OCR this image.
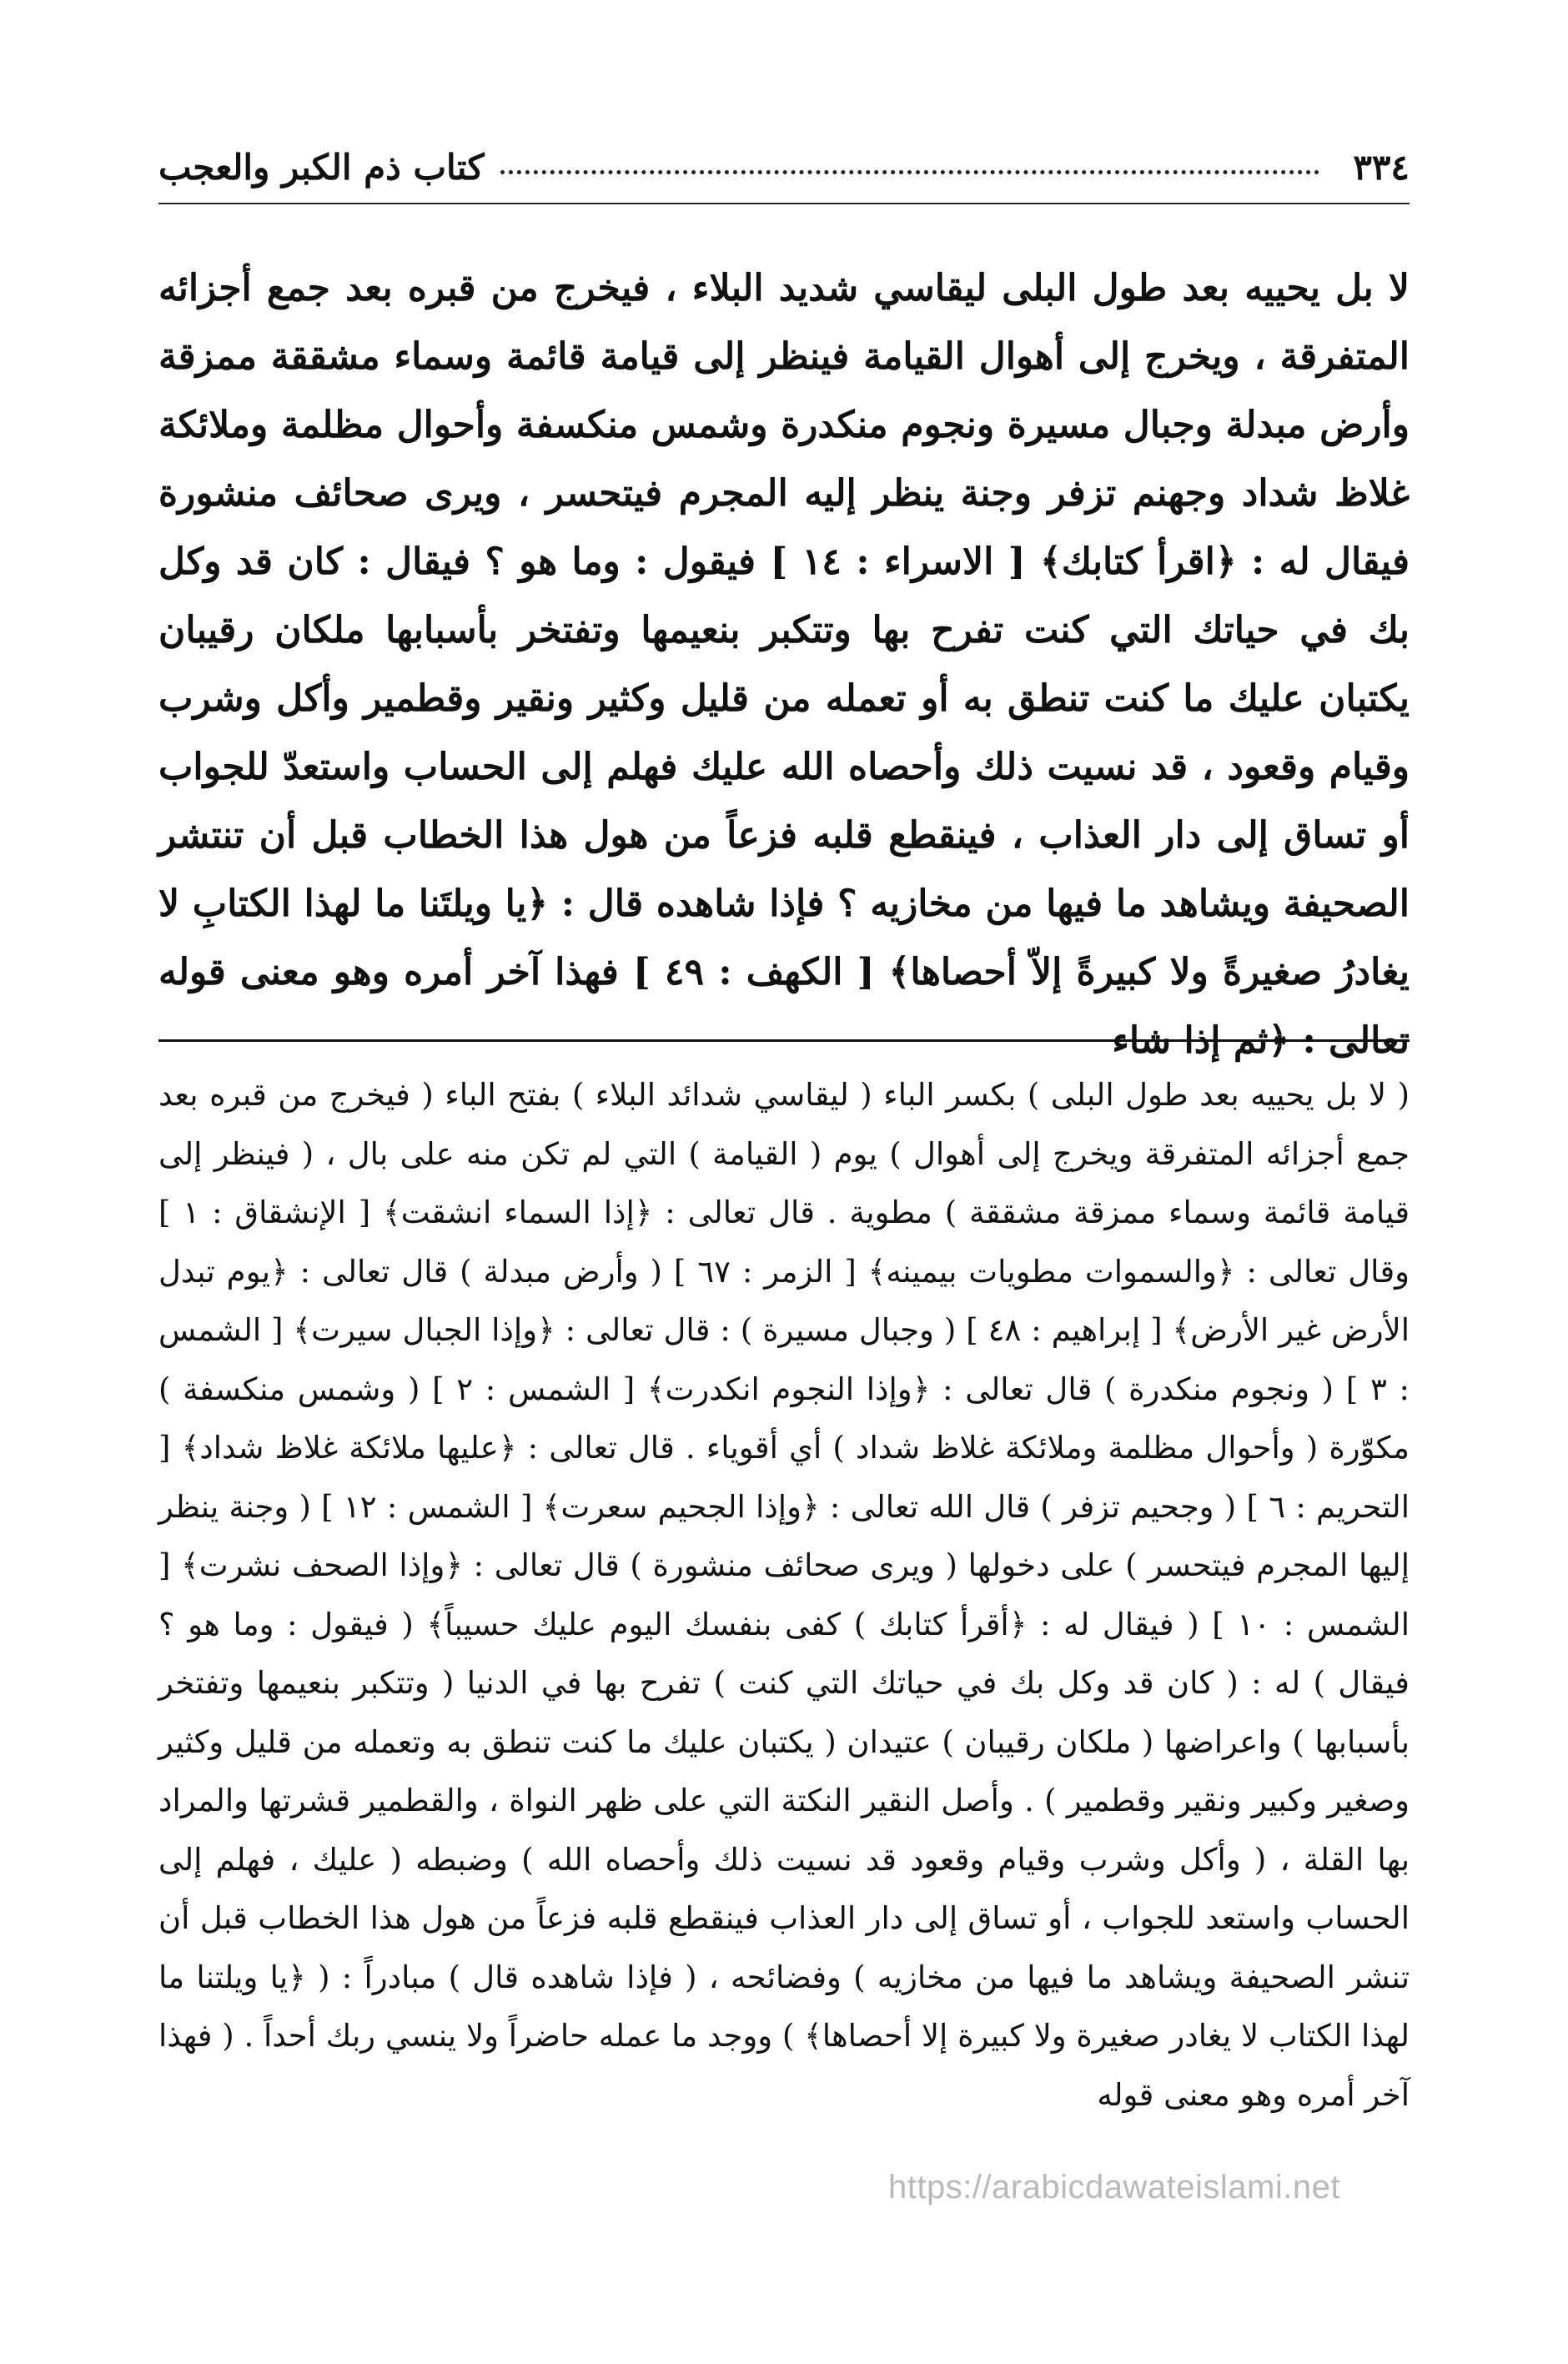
٣٣٤
كتاب ذم الكبر والعجب

لا بل يحييه بعد طول البلى ليقاسي شديد البلاء ، فيخرج من قبره بعد جمع أجزائه المتفرقة ، ويخرج إلى أهوال القيامة فينظر إلى قيامة قائمة وسماء مشققة ممزقة وأرض مبدلة وجبال مسيرة ونجوم منكدرة وشمس منكسفة وأحوال مظلمة وملائكة غلاظ شداد وجهنم تزفر وجنة ينظر إليه المجرم فيتحسر ، ويرى صحائف منشورة فيقال له : ﴿اقرأ كتابك﴾ [ الاسراء : ١٤ ] فيقول : وما هو ؟ فيقال : كان قد وكل بك في حياتك التي كنت تفرح بها وتتكبر بنعيمها وتفتخر بأسبابها ملكان رقيبان يكتبان عليك ما كنت تنطق به أو تعمله من قليل وكثير ونقير وقطمير وأكل وشرب وقيام وقعود ، قد نسيت ذلك وأحصاه الله عليك فهلم إلى الحساب واستعدّ للجواب أو تساق إلى دار العذاب ، فينقطع قلبه فزعاً من هول هذا الخطاب قبل أن تنتشر الصحيفة ويشاهد ما فيها من مخازيه ؟ فإذا شاهده قال : ﴿يا ويلتَنا ما لهذا الكتابِ لا يغادرُ صغيرةً ولا كبيرةً إلاّ أحصاها﴾ [ الكهف : ٤٩ ] فهذا آخر أمره وهو معنى قوله تعالى : ﴿ثم إذا شاء

( لا بل يحييه بعد طول البلى ) بكسر الباء ( ليقاسي شدائد البلاء ) بفتح الباء ( فيخرج من قبره بعد جمع أجزائه المتفرقة ويخرج إلى أهوال ) يوم ( القيامة ) التي لم تكن منه على بال ، ( فينظر إلى قيامة قائمة وسماء ممزقة مشققة ) مطوية . قال تعالى : ﴿إذا السماء انشقت﴾ [ الإنشقاق : ١ ] وقال تعالى : ﴿والسموات مطويات بيمينه﴾ [ الزمر : ٦٧ ] ( وأرض مبدلة ) قال تعالى : ﴿يوم تبدل الأرض غير الأرض﴾ [ إبراهيم : ٤٨ ] ( وجبال مسيرة ) : قال تعالى : ﴿وإذا الجبال سيرت﴾ [ الشمس : ٣ ] ( ونجوم منكدرة ) قال تعالى : ﴿وإذا النجوم انكدرت﴾ [ الشمس : ٢ ] ( وشمس منكسفة ) مكوّرة ( وأحوال مظلمة وملائكة غلاظ شداد ) أي أقوياء . قال تعالى : ﴿عليها ملائكة غلاظ شداد﴾ [ التحريم : ٦ ] ( وجحيم تزفر ) قال الله تعالى : ﴿وإذا الجحيم سعرت﴾ [ الشمس : ١٢ ] ( وجنة ينظر إليها المجرم فيتحسر ) على دخولها ( ويرى صحائف منشورة ) قال تعالى : ﴿وإذا الصحف نشرت﴾ [ الشمس : ١٠ ] ( فيقال له : ﴿أقرأ كتابك ) كفى بنفسك اليوم عليك حسيباً﴾ ( فيقول : وما هو ؟ فيقال ) له : ( كان قد وكل بك في حياتك التي كنت ) تفرح بها في الدنيا ( وتتكبر بنعيمها وتفتخر بأسبابها ) واعراضها ( ملكان رقيبان ) عتيدان ( يكتبان عليك ما كنت تنطق به وتعمله من قليل وكثير وصغير وكبير ونقير وقطمير ) . وأصل النقير النكتة التي على ظهر النواة ، والقطمير قشرتها والمراد بها القلة ، ( وأكل وشرب وقيام وقعود قد نسيت ذلك وأحصاه الله ) وضبطه ( عليك ، فهلم إلى الحساب واستعد للجواب ، أو تساق إلى دار العذاب فينقطع قلبه فزعاً من هول هذا الخطاب قبل أن تنشر الصحيفة ويشاهد ما فيها من مخازيه ) وفضائحه ، ( فإذا شاهده قال ) مبادراً : ( ﴿يا ويلتنا ما لهذا الكتاب لا يغادر صغيرة ولا كبيرة إلا أحصاها﴾ ) ووجد ما عمله حاضراً ولا ينسي ربك أحداً . ( فهذا آخر أمره وهو معنى قوله

https://arabicdawateislami.net
